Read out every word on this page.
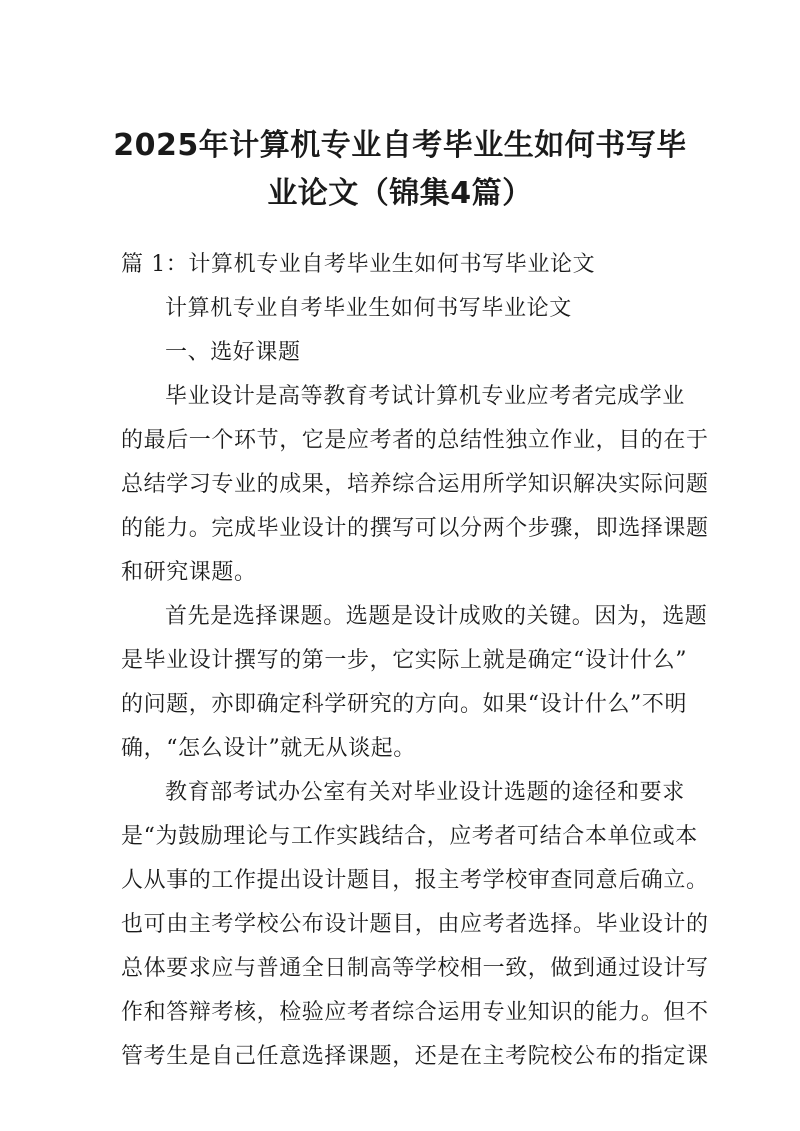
2025年计算机专业自考毕业生如何书写毕
业论文（锦集4篇）
篇 1：计算机专业自考毕业生如何书写毕业论文
计算机专业自考毕业生如何书写毕业论文
一、选好课题
毕业设计是高等教育考试计算机专业应考者完成学业
的最后一个环节，它是应考者的总结性独立作业，目的在于
总结学习专业的成果，培养综合运用所学知识解决实际问题
的能力。完成毕业设计的撰写可以分两个步骤，即选择课题
和研究课题。
首先是选择课题。选题是设计成败的关键。因为，选题
是毕业设计撰写的第一步，它实际上就是确定“设计什么”
的问题，亦即确定科学研究的方向。如果“设计什么”不明
确，“怎么设计”就无从谈起。
教育部考试办公室有关对毕业设计选题的途径和要求
是“为鼓励理论与工作实践结合，应考者可结合本单位或本
人从事的工作提出设计题目，报主考学校审查同意后确立。
也可由主考学校公布设计题目，由应考者选择。毕业设计的
总体要求应与普通全日制高等学校相一致，做到通过设计写
作和答辩考核，检验应考者综合运用专业知识的能力。但不
管考生是自己任意选择课题，还是在主考院校公布的指定课
